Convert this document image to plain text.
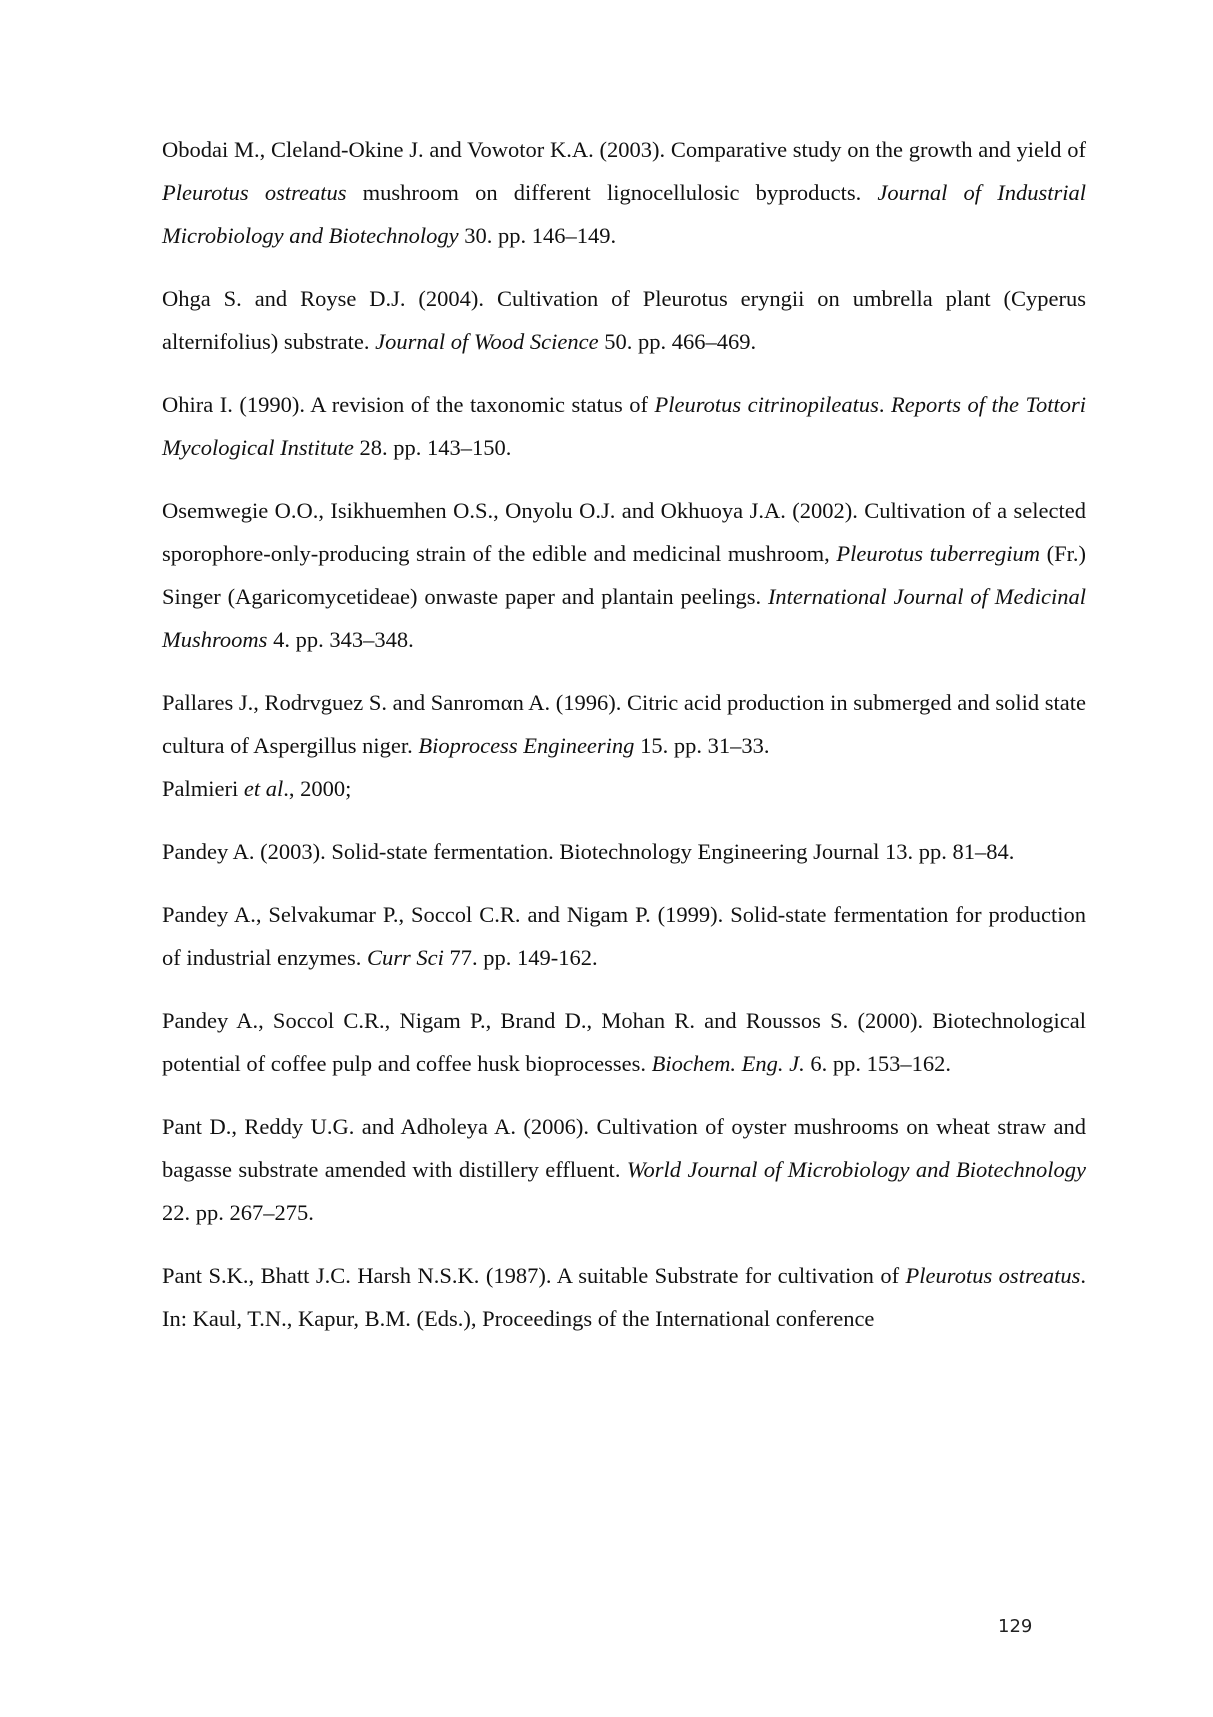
Obodai M., Cleland-Okine J. and Vowotor K.A. (2003). Comparative study on the growth and yield of Pleurotus ostreatus mushroom on different lignocellulosic byproducts. Journal of Industrial Microbiology and Biotechnology 30. pp. 146–149.

Ohga S. and Royse D.J. (2004). Cultivation of Pleurotus eryngii on umbrella plant (Cyperus alternifolius) substrate. Journal of Wood Science 50. pp. 466–469.

Ohira I. (1990). A revision of the taxonomic status of Pleurotus citrinopileatus. Reports of the Tottori Mycological Institute 28. pp. 143–150.

Osemwegie O.O., Isikhuemhen O.S., Onyolu O.J. and Okhuoya J.A. (2002). Cultivation of a selected sporophore-only-producing strain of the edible and medicinal mushroom, Pleurotus tuberregium (Fr.) Singer (Agaricomycetideae) onwaste paper and plantain peelings. International Journal of Medicinal Mushrooms 4. pp. 343–348.

Pallares J., Rodrvguez S. and Sanromαn A. (1996). Citric acid production in submerged and solid state cultura of Aspergillus niger. Bioprocess Engineering 15. pp. 31–33.

Palmieri et al., 2000;

Pandey A. (2003). Solid-state fermentation. Biotechnology Engineering Journal 13. pp. 81–84.

Pandey A., Selvakumar P., Soccol C.R. and Nigam P. (1999). Solid-state fermentation for production of industrial enzymes. Curr Sci 77. pp. 149-162.

Pandey A., Soccol C.R., Nigam P., Brand D., Mohan R. and Roussos S. (2000). Biotechnological potential of coffee pulp and coffee husk bioprocesses. Biochem. Eng. J. 6. pp. 153–162.

Pant D., Reddy U.G. and Adholeya A. (2006). Cultivation of oyster mushrooms on wheat straw and bagasse substrate amended with distillery effluent. World Journal of Microbiology and Biotechnology 22. pp. 267–275.

Pant S.K., Bhatt J.C. Harsh N.S.K. (1987). A suitable Substrate for cultivation of Pleurotus ostreatus. In: Kaul, T.N., Kapur, B.M. (Eds.), Proceedings of the International conference

129
